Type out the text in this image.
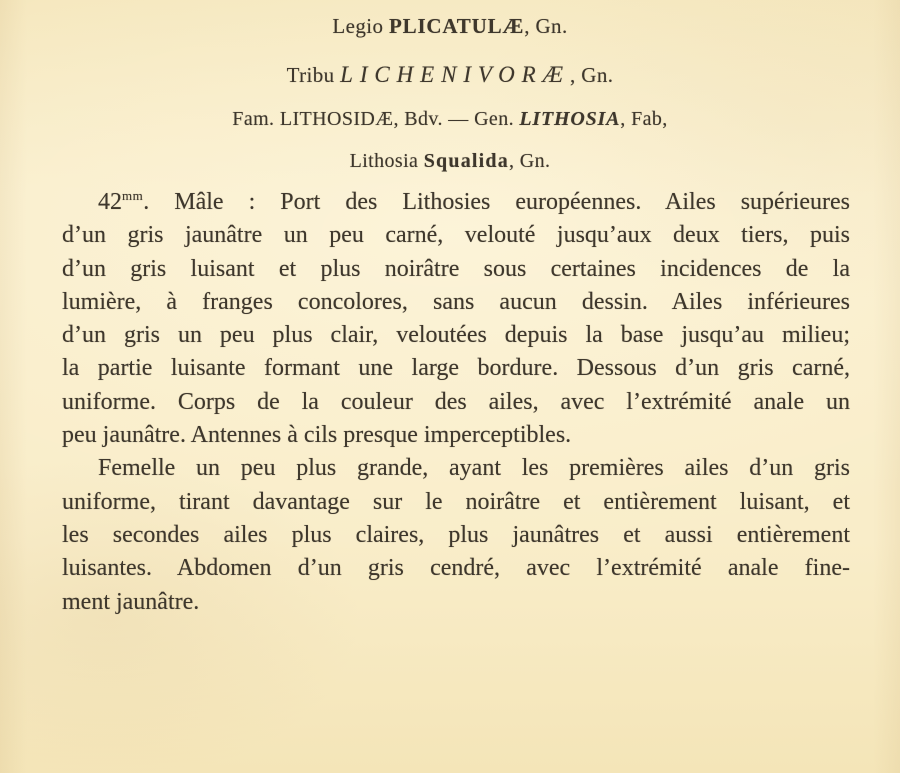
Legio PLICATULÆ, Gn.
Tribu LICHENIVORÆ, Gn.
Fam. LITHOSIDÆ, Bdv. — Gen. LITHOSIA, Fab,
Lithosia Squalida, Gn.
$42^{mm}$. Mâle : Port des Lithosies européennes. Ailes supérieures
d’un gris jaunâtre un peu carné, velouté jusqu’aux deux tiers, puis
d’un gris luisant et plus noirâtre sous certaines incidences de la
lumière, à franges concolores, sans aucun dessin. Ailes inférieures
d’un gris un peu plus clair, veloutées depuis la base jusqu’au milieu;
la partie luisante formant une large bordure. Dessous d’un gris carné,
uniforme. Corps de la couleur des ailes, avec l’extrémité anale un
peu jaunâtre. Antennes à cils presque imperceptibles.
Femelle un peu plus grande, ayant les premières ailes d’un gris
uniforme, tirant davantage sur le noirâtre et entièrement luisant, et
les secondes ailes plus claires, plus jaunâtres et aussi entièrement
luisantes. Abdomen d’un gris cendré, avec l’extrémité anale fine-
ment jaunâtre.
